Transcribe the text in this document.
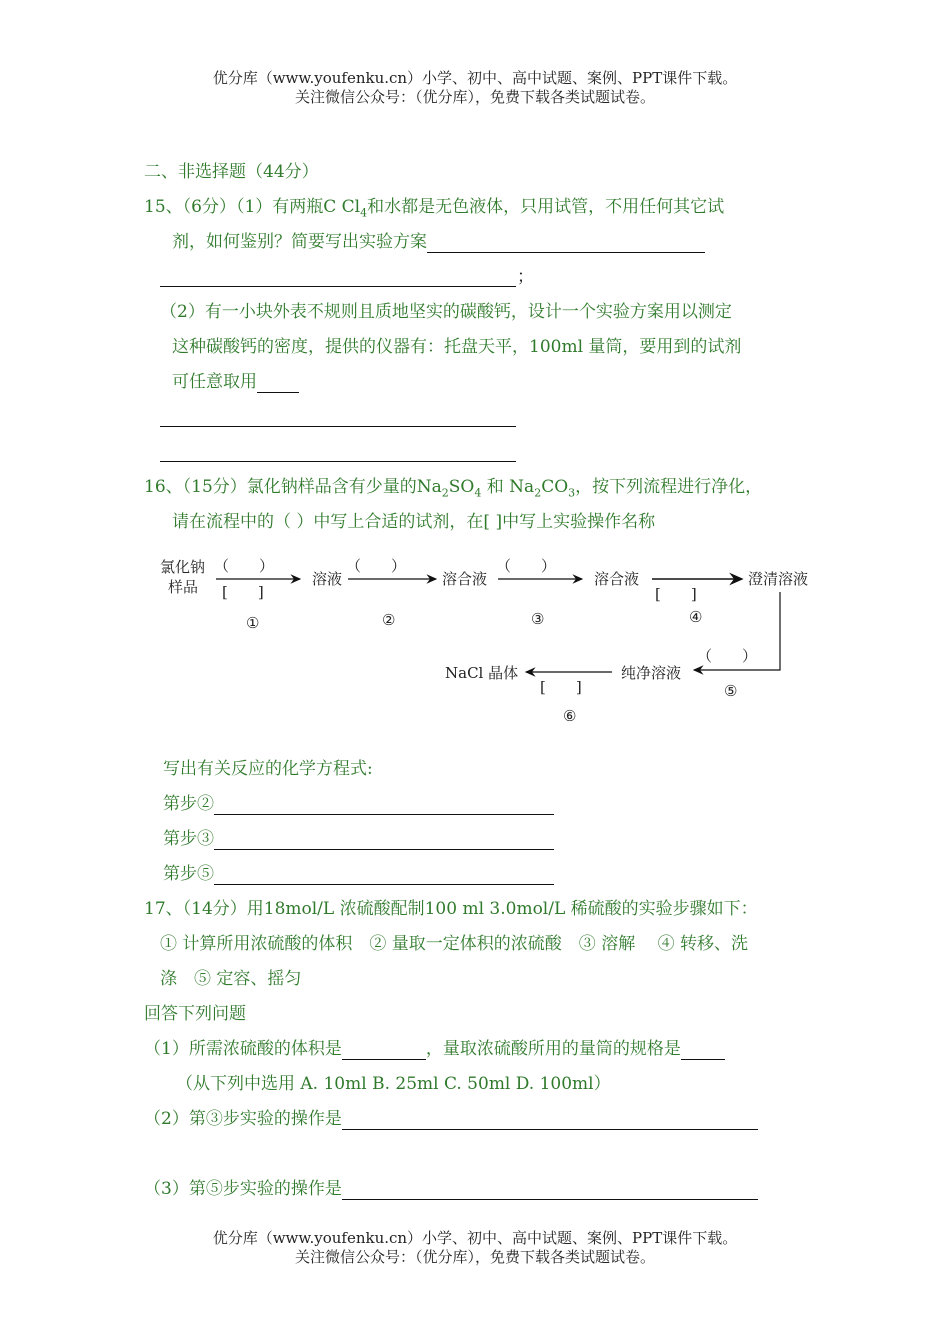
优分库（www.youfenku.cn）小学、初中、高中试题、案例、PPT课件下载。
关注微信公众号：（优分库），免费下载各类试题试卷。
二、非选择题（44分）
15、（6分）（1）有两瓶C $Cl_4$和水都是无色液体，只用试管，不用任何其它试
剂，如何鉴别？简要写出实验方案
；
（2）有一小块外表不规则且质地坚实的碳酸钙，设计一个实验方案用以测定
这种碳酸钙的密度，提供的仪器有：托盘天平，100ml 量筒，要用到的试剂
可任意取用
16、（15分）氯化钠样品含有少量的$Na_2SO_4$ 和 $Na_2CO_3$，按下列流程进行净化，
请在流程中的（ ）中写上合适的试剂，在[ ]中写上实验操作名称
氯化钠
样品
（　　）
[　　]
①
溶液
（　　）
②
溶合液
（　　）
③
溶合液
[　　]
④
澄清溶液
（　　）
⑤
纯净溶液
[　　]
⑥
NaCl 晶体
写出有关反应的化学方程式:
第步②
第步③
第步⑤
17、（14分）用18mol/L 浓硫酸配制100 ml 3.0mol/L 稀硫酸的实验步骤如下：
① 计算所用浓硫酸的体积　② 量取一定体积的浓硫酸　③ 溶解　 ④ 转移、洗
涤　⑤ 定容、摇匀
回答下列问题
（1）所需浓硫酸的体积是	，量取浓硫酸所用的量筒的规格是
（从下列中选用 A. 10ml B. 25ml C. 50ml D. 100ml）
（2）第③步实验的操作是
（3）第⑤步实验的操作是
优分库（www.youfenku.cn）小学、初中、高中试题、案例、PPT课件下载。
关注微信公众号：（优分库），免费下载各类试题试卷。
